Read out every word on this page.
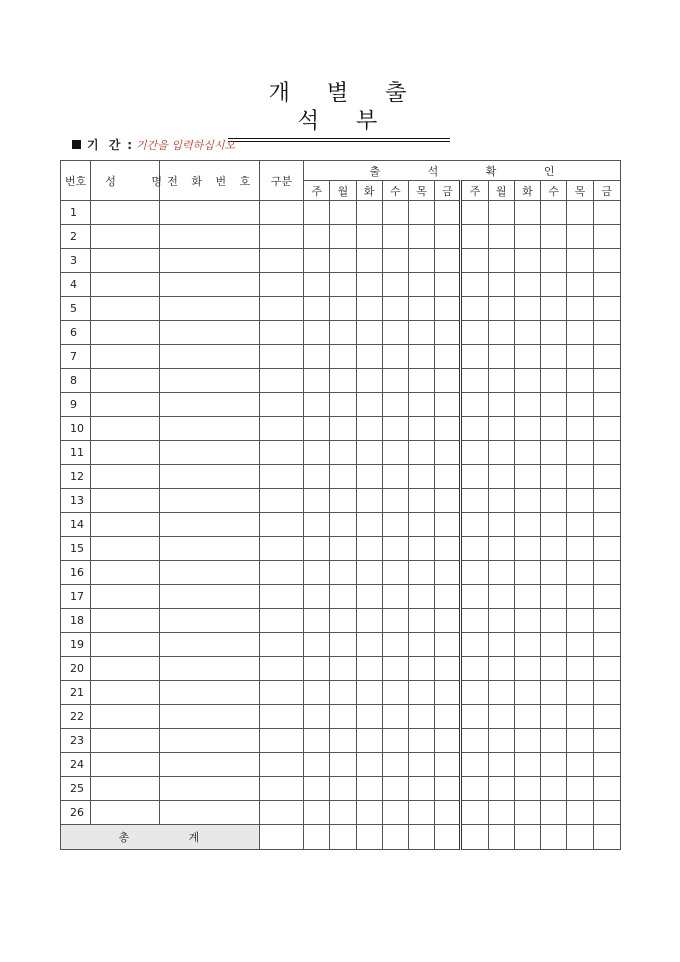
개 별 출 석 부
기 간 : 기간을 입력하십시오
번호	성 명	전 화 번 호	구분	출 석 확 인											
				주	월	화	수	목	금	주	월	화	수	목	금
1															
2															
3															
4															
5															
6															
7															
8															
9															
10															
11															
12															
13															
14															
15															
16															
17															
18															
19															
20															
21															
22															
23															
24															
25															
26															
총 계															
